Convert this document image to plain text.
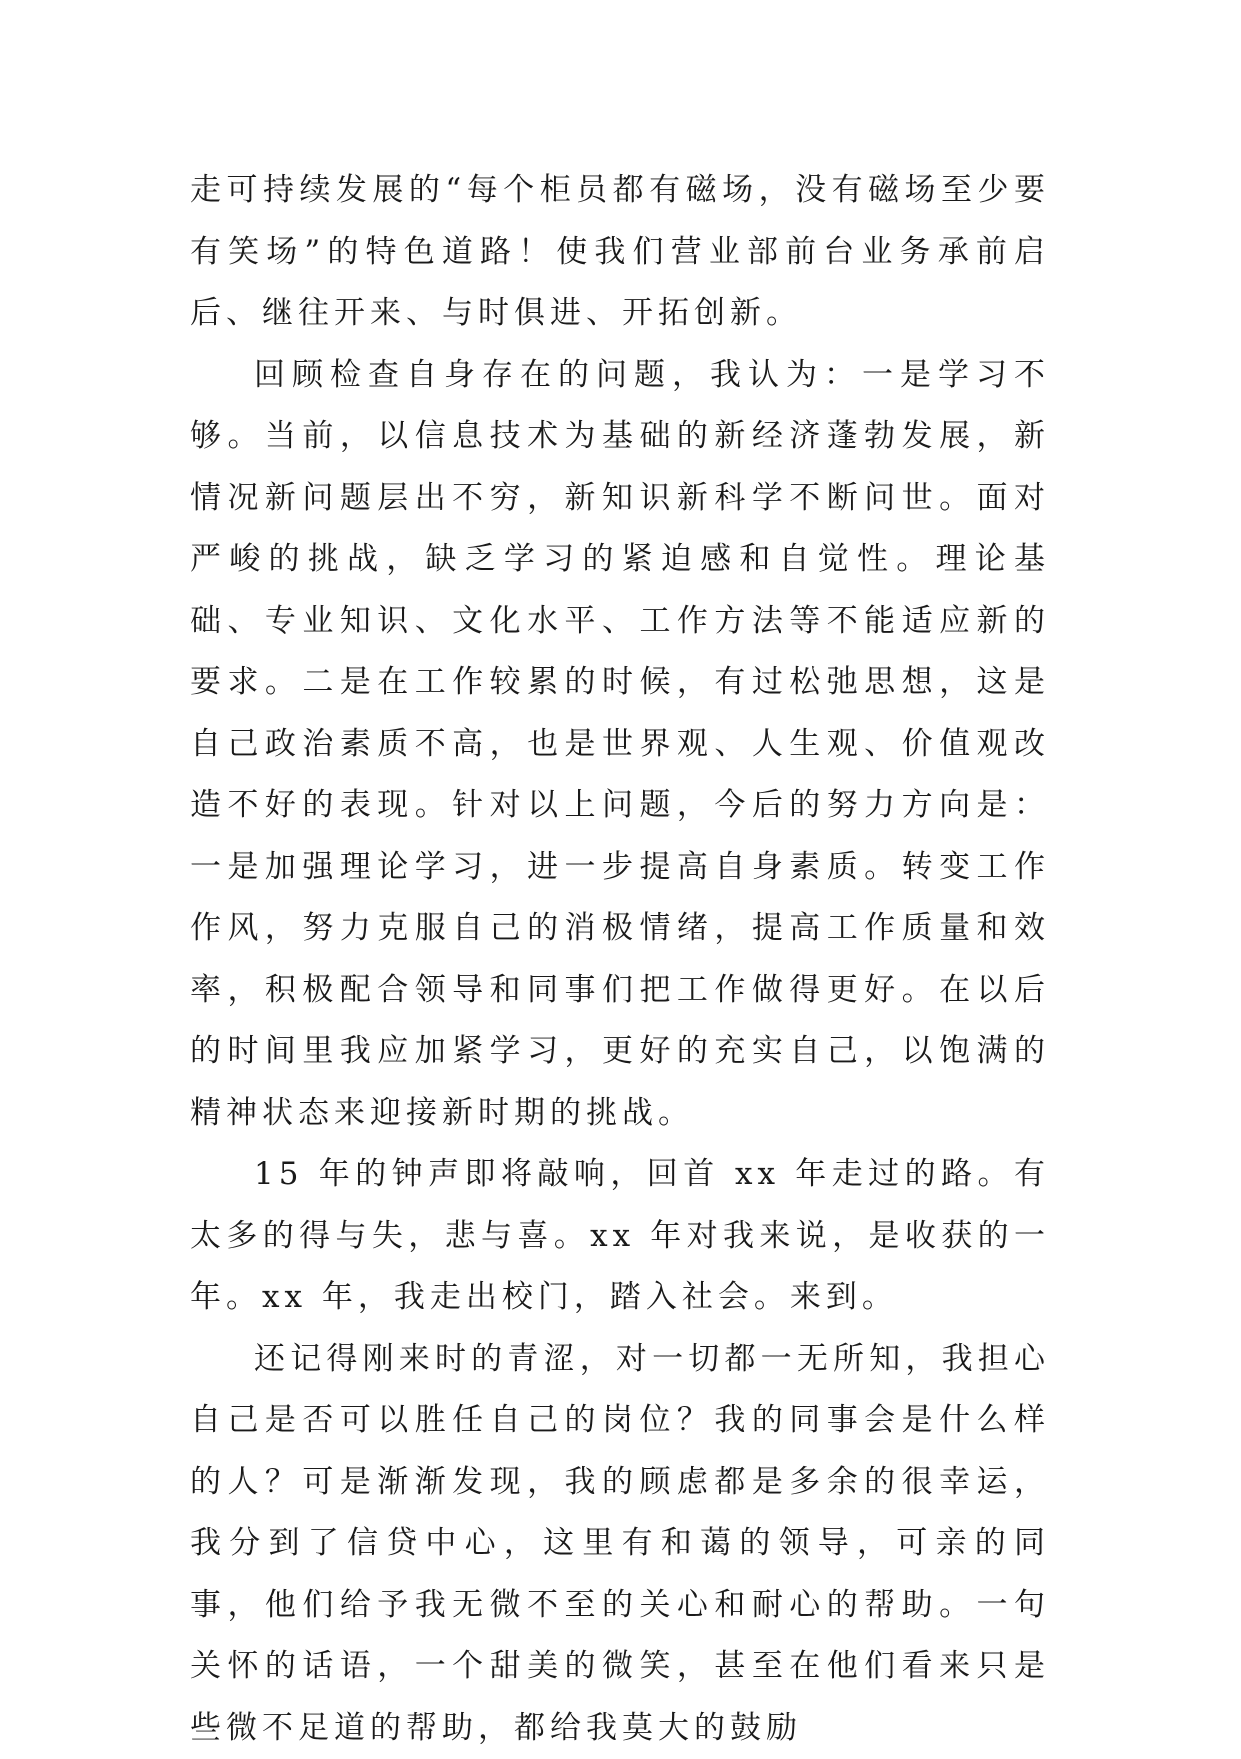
走可持续发展的“每个柜员都有磁场，没有磁场至少要有笑场”的特色道路！使我们营业部前台业务承前启后、继往开来、与时俱进、开拓创新。

回顾检查自身存在的问题，我认为：一是学习不够。当前，以信息技术为基础的新经济蓬勃发展，新情况新问题层出不穷，新知识新科学不断问世。面对严峻的挑战，缺乏学习的紧迫感和自觉性。理论基础、专业知识、文化水平、工作方法等不能适应新的要求。二是在工作较累的时候，有过松弛思想，这是自己政治素质不高，也是世界观、人生观、价值观改造不好的表现。针对以上问题，今后的努力方向是：一是加强理论学习，进一步提高自身素质。转变工作作风，努力克服自己的消极情绪，提高工作质量和效率，积极配合领导和同事们把工作做得更好。在以后的时间里我应加紧学习，更好的充实自己，以饱满的精神状态来迎接新时期的挑战。

15 年的钟声即将敲响，回首 xx 年走过的路。有太多的得与失，悲与喜。xx 年对我来说，是收获的一年。xx 年，我走出校门，踏入社会。来到。

还记得刚来时的青涩，对一切都一无所知，我担心自己是否可以胜任自己的岗位？我的同事会是什么样的人？可是渐渐发现，我的顾虑都是多余的很幸运，我分到了信贷中心，这里有和蔼的领导，可亲的同事，他们给予我无微不至的关心和耐心的帮助。一句关怀的话语，一个甜美的微笑，甚至在他们看来只是些微不足道的帮助，都给我莫大的鼓励
